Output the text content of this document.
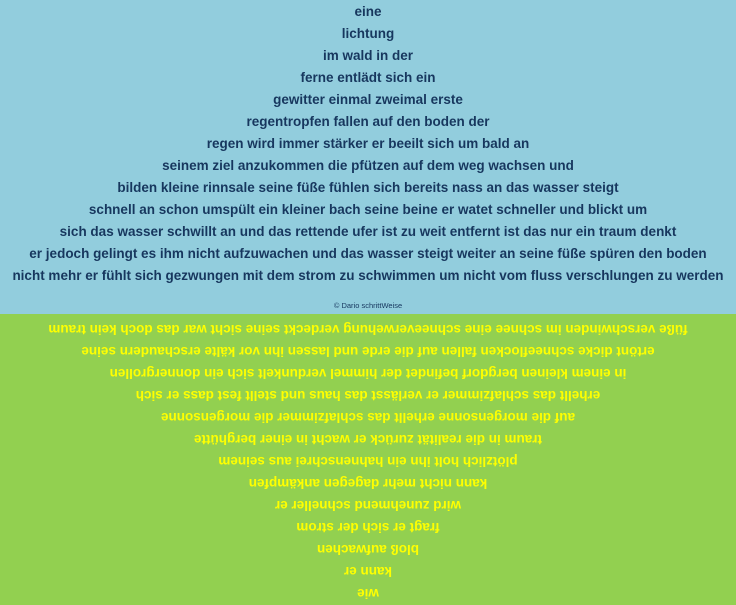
eine
lichtung
im wald in der
ferne entlädt sich ein
gewitter einmal zweimal erste
regentropfen fallen auf den boden der
regen wird immer stärker er beeilt sich um bald an
seinem ziel anzukommen die pfützen auf dem weg wachsen und
bilden kleine rinnsale seine füße fühlen sich bereits nass an das wasser steigt
schnell an schon umspült ein kleiner bach seine beine er watet schneller und blickt um
sich das wasser schwillt an und das rettende ufer ist zu weit entfernt ist das nur ein traum denkt
er jedoch gelingt es ihm nicht aufzuwachen und das wasser steigt weiter an seine füße spüren den boden
nicht mehr er fühlt sich gezwungen mit dem strom zu schwimmen um nicht vom fluss verschlungen zu werden
© Dario schrittWeise
wie
kann er
bloß aufwachen
fragt er sich der strom
wird zunehmend schneller er
kann nicht mehr dagegen ankämpfen
plötzlich holt ihn ein hahnenschrei aus seinem
traum in die realität zurück er wacht in einer berghütte
auf die morgensonne erhellt das schlafzimmer die morgensonne
erhellt das schlafzimmer er verlässt das haus und stellt fest dass er sich
in einem kleinen bergdorf befindet der himmel verdunkelt sich ein donnergrollen
ertönt dicke schneeflocken fallen auf die erde und lassen ihn vor kälte erschaudern seine
füße verschwinden im schnee eine schneeverwehung verdeckt seine sicht war das doch kein traum
